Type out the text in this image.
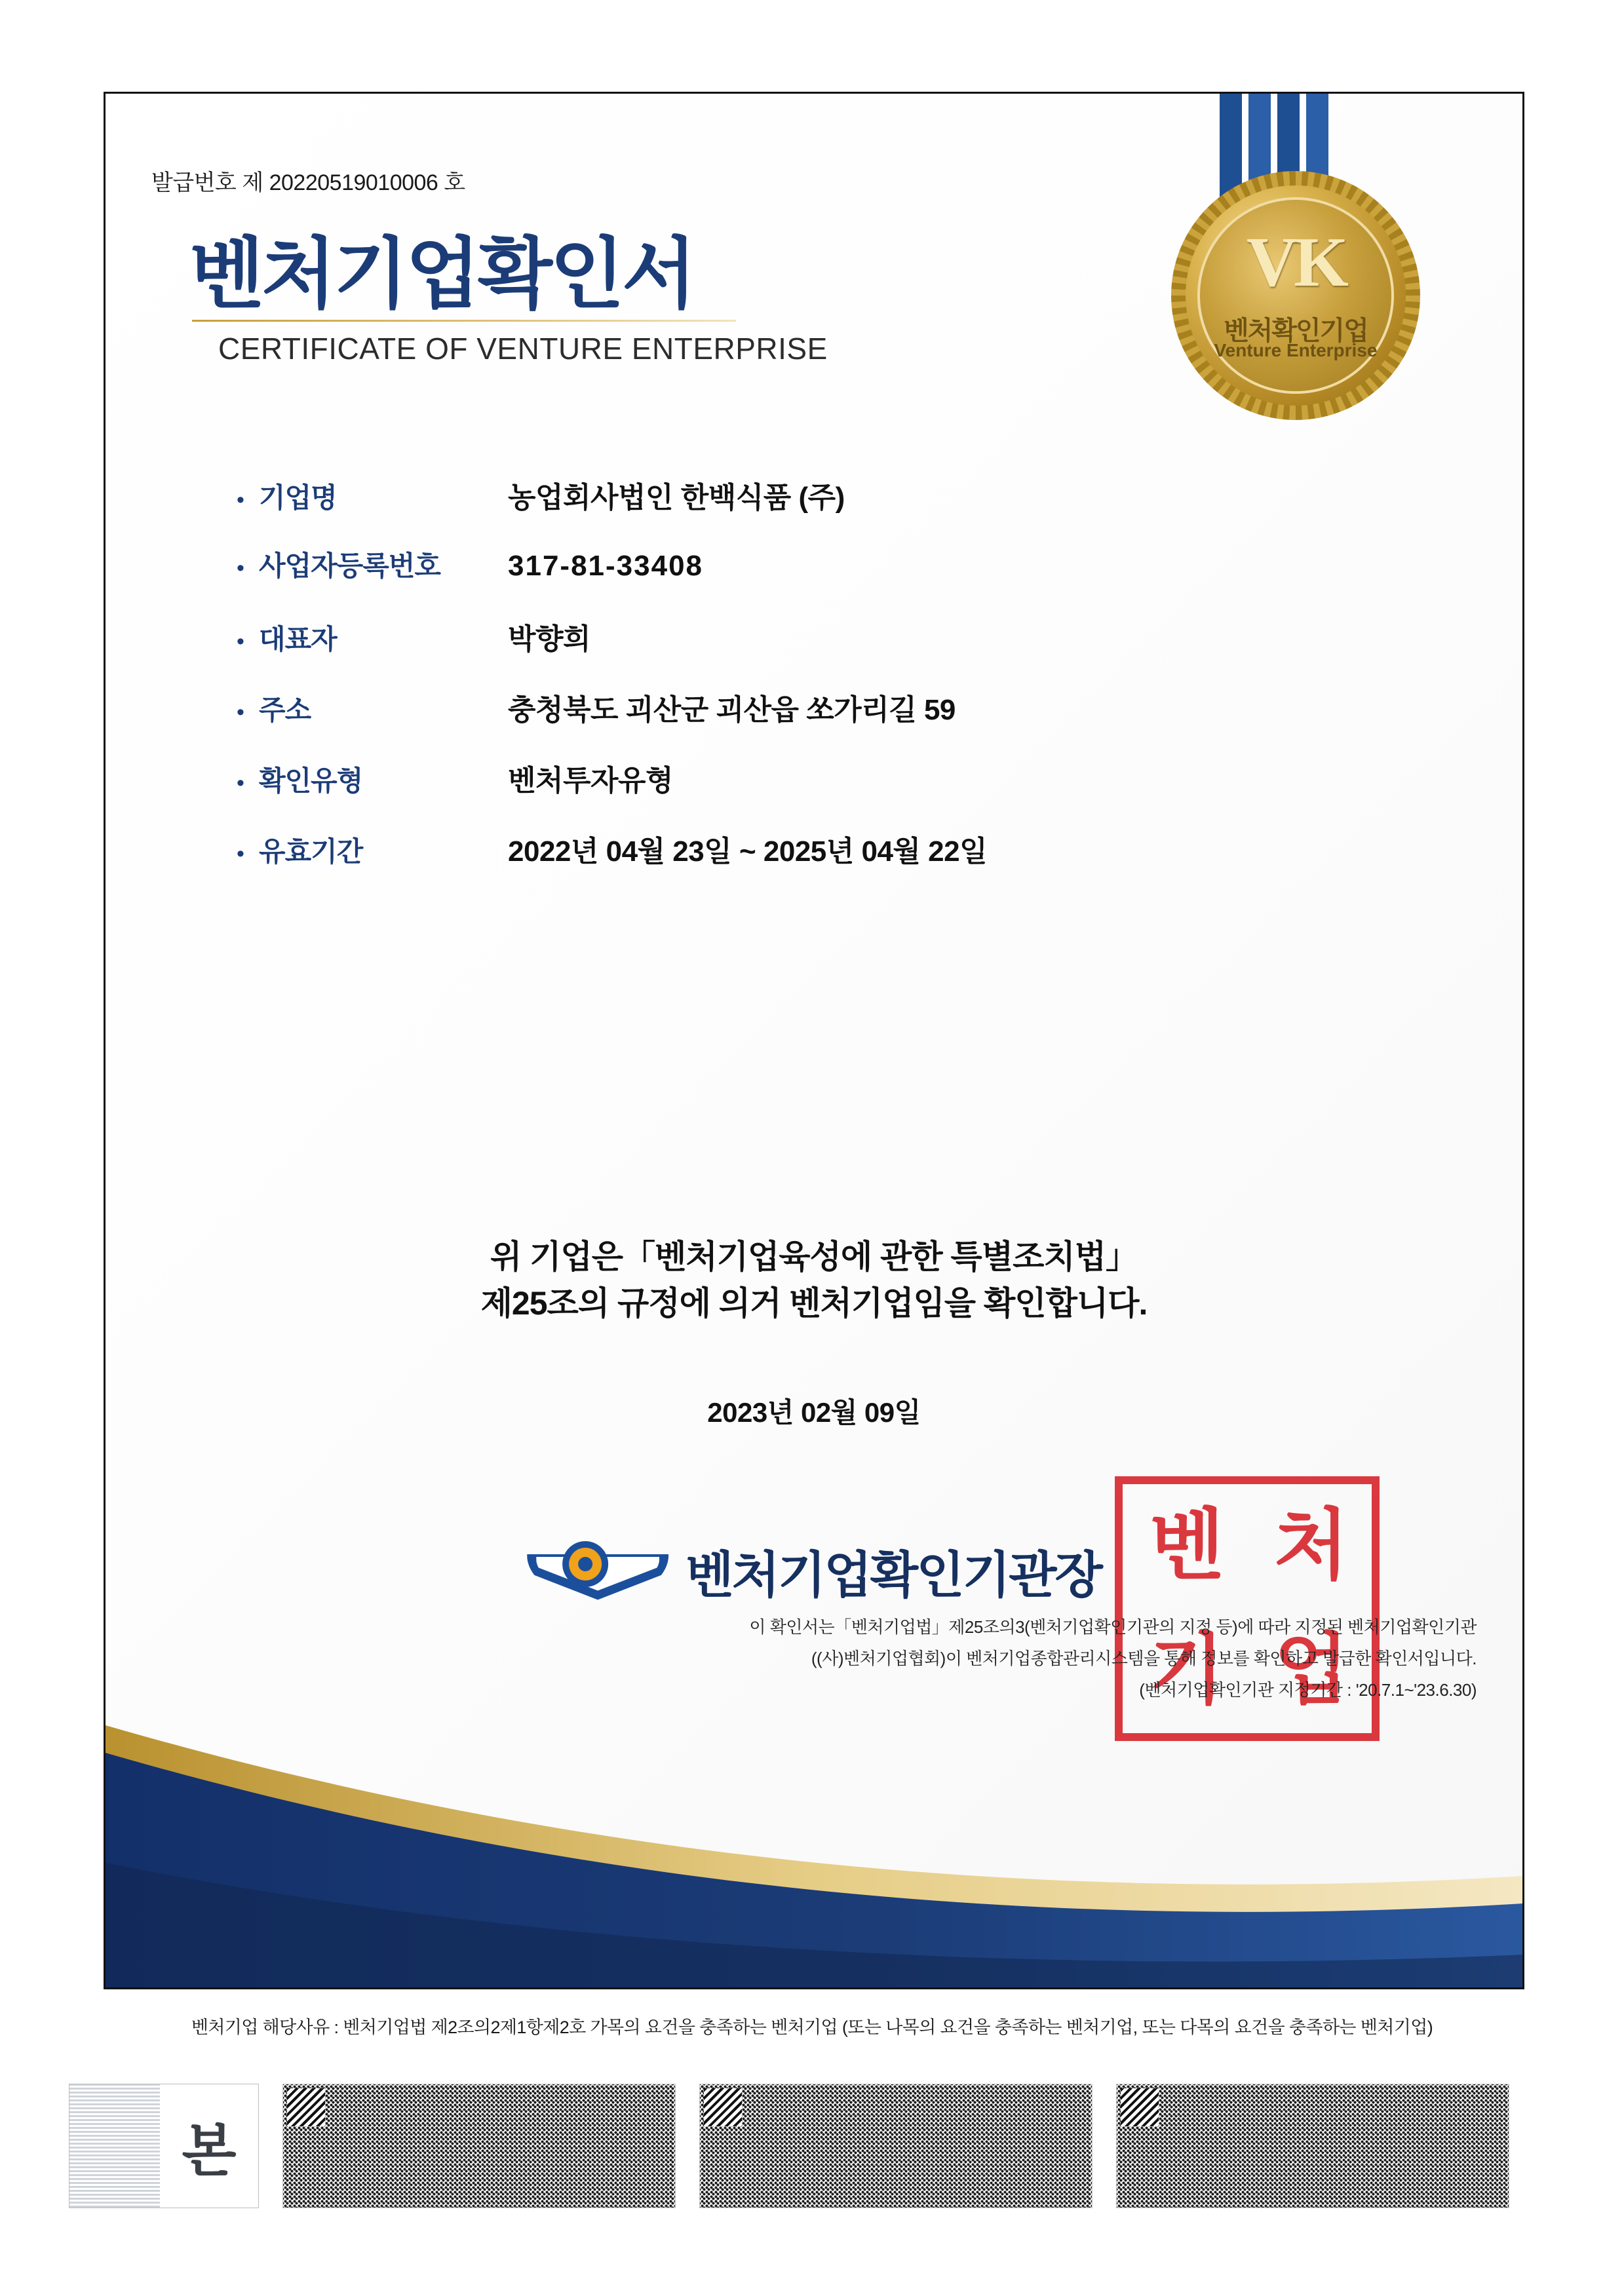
VK
벤처확인기업
Venture Enterprise
발급번호 제 20220519010006 호
벤처기업확인서
CERTIFICATE OF VENTURE ENTERPRISE
• 기업명	농업회사법인 한백식품 (주)
• 사업자등록번호	317-81-33408
• 대표자	박향희
• 주소	충청북도 괴산군 괴산읍 쏘가리길 59
• 확인유형	벤처투자유형
• 유효기간	2022년 04월 23일 ~ 2025년 04월 22일
위 기업은「벤처기업육성에 관한 특별조치법」
제25조의 규정에 의거 벤처기업임을 확인합니다.
2023년 02월 09일
벤처기업확인기관장 벤 처
기 업
이 확인서는「벤처기업법」제25조의3(벤처기업확인기관의 지정 등)에 따라 지정된 벤처기업확인기관
((사)벤처기업협회)이 벤처기업종합관리시스템을 통해 정보를 확인하고 발급한 확인서입니다.
(벤처기업확인기관 지정기간 : '20.7.1~'23.6.30)
벤처기업 해당사유 : 벤처기업법 제2조의2제1항제2호 가목의 요건을 충족하는 벤처기업 (또는 나목의 요건을 충족하는 벤처기업, 또는 다목의 요건을 충족하는 벤처기업)
본
